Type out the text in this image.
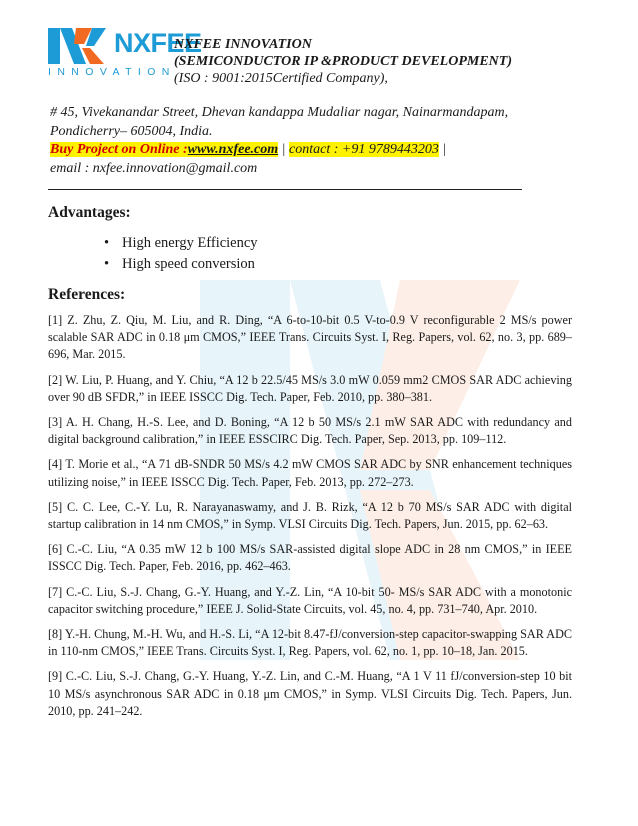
NXFEE
INNOVATION
NXFEE INNOVATION
(SEMICONDUCTOR IP &PRODUCT DEVELOPMENT)
(ISO : 9001:2015Certified Company),
# 45, Vivekanandar Street, Dhevan kandappa Mudaliar nagar, Nainarmandapam,
Pondicherry– 605004, India.
Buy Project on Online :www.nxfee.com | contact : +91 9789443203 |
email : nxfee.innovation@gmail.com
Advantages:
• High energy Efficiency
• High speed conversion
References:

[1] Z. Zhu, Z. Qiu, M. Liu, and R. Ding, “A 6-to-10-bit 0.5 V-to-0.9 V reconfigurable 2 MS/s power scalable SAR ADC in 0.18 μm CMOS,” IEEE Trans. Circuits Syst. I, Reg. Papers, vol. 62, no. 3, pp. 689–696, Mar. 2015.

[2] W. Liu, P. Huang, and Y. Chiu, “A 12 b 22.5/45 MS/s 3.0 mW 0.059 mm2 CMOS SAR ADC achieving over 90 dB SFDR,” in IEEE ISSCC Dig. Tech. Paper, Feb. 2010, pp. 380–381.

[3] A. H. Chang, H.-S. Lee, and D. Boning, “A 12 b 50 MS/s 2.1 mW SAR ADC with redundancy and digital background calibration,” in IEEE ESSCIRC Dig. Tech. Paper, Sep. 2013, pp. 109–112.

[4] T. Morie et al., “A 71 dB-SNDR 50 MS/s 4.2 mW CMOS SAR ADC by SNR enhancement techniques utilizing noise,” in IEEE ISSCC Dig. Tech. Paper, Feb. 2013, pp. 272–273.

[5] C. C. Lee, C.-Y. Lu, R. Narayanaswamy, and J. B. Rizk, “A 12 b 70 MS/s SAR ADC with digital startup calibration in 14 nm CMOS,” in Symp. VLSI Circuits Dig. Tech. Papers, Jun. 2015, pp. 62–63.

[6] C.-C. Liu, “A 0.35 mW 12 b 100 MS/s SAR-assisted digital slope ADC in 28 nm CMOS,” in IEEE ISSCC Dig. Tech. Paper, Feb. 2016, pp. 462–463.

[7] C.-C. Liu, S.-J. Chang, G.-Y. Huang, and Y.-Z. Lin, “A 10-bit 50- MS/s SAR ADC with a monotonic capacitor switching procedure,” IEEE J. Solid-State Circuits, vol. 45, no. 4, pp. 731–740, Apr. 2010.

[8] Y.-H. Chung, M.-H. Wu, and H.-S. Li, “A 12-bit 8.47-fJ/conversion-step capacitor-swapping SAR ADC in 110-nm CMOS,” IEEE Trans. Circuits Syst. I, Reg. Papers, vol. 62, no. 1, pp. 10–18, Jan. 2015.

[9] C.-C. Liu, S.-J. Chang, G.-Y. Huang, Y.-Z. Lin, and C.-M. Huang, “A 1 V 11 fJ/conversion-step 10 bit 10 MS/s asynchronous SAR ADC in 0.18 μm CMOS,” in Symp. VLSI Circuits Dig. Tech. Papers, Jun. 2010, pp. 241–242.
